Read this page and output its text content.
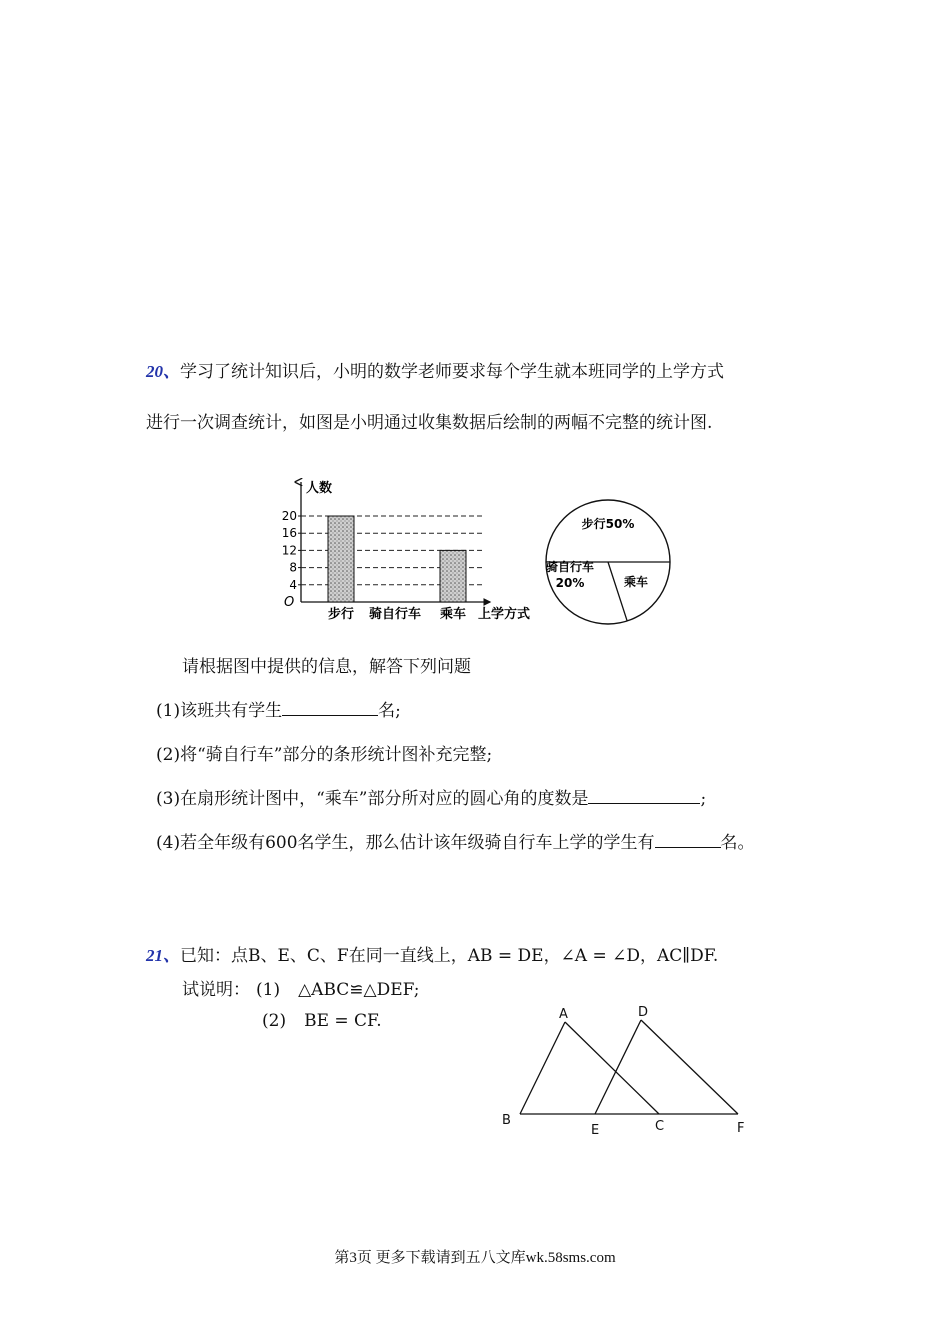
20、学习了统计知识后，小明的数学老师要求每个学生就本班同学的上学方式
进行一次调查统计，如图是小明通过收集数据后绘制的两幅不完整的统计图.
4
8
12
16
20
步行 骑自行车 乘车
人数
上学方式
O
步行50%
骑自行车
20%	乘车
请根据图中提供的信息，解答下列问题
(1)该班共有学生	名;
(2)将“骑自行车”部分的条形统计图补充完整;
(3)在扇形统计图中，“乘车”部分所对应的圆心角的度数是	;
(4)若全年级有600名学生，那么估计该年级骑自行车上学的学生有	名。
21、已知：点B、E、C、F在同一直线上，AB = DE，∠A = ∠D，AC∥DF.
试说明： (1) △ABC≌△DEF;
(2) BE = CF.	A	D
B
E	C	F
第3页 更多下载请到五八文库wk.58sms.com
